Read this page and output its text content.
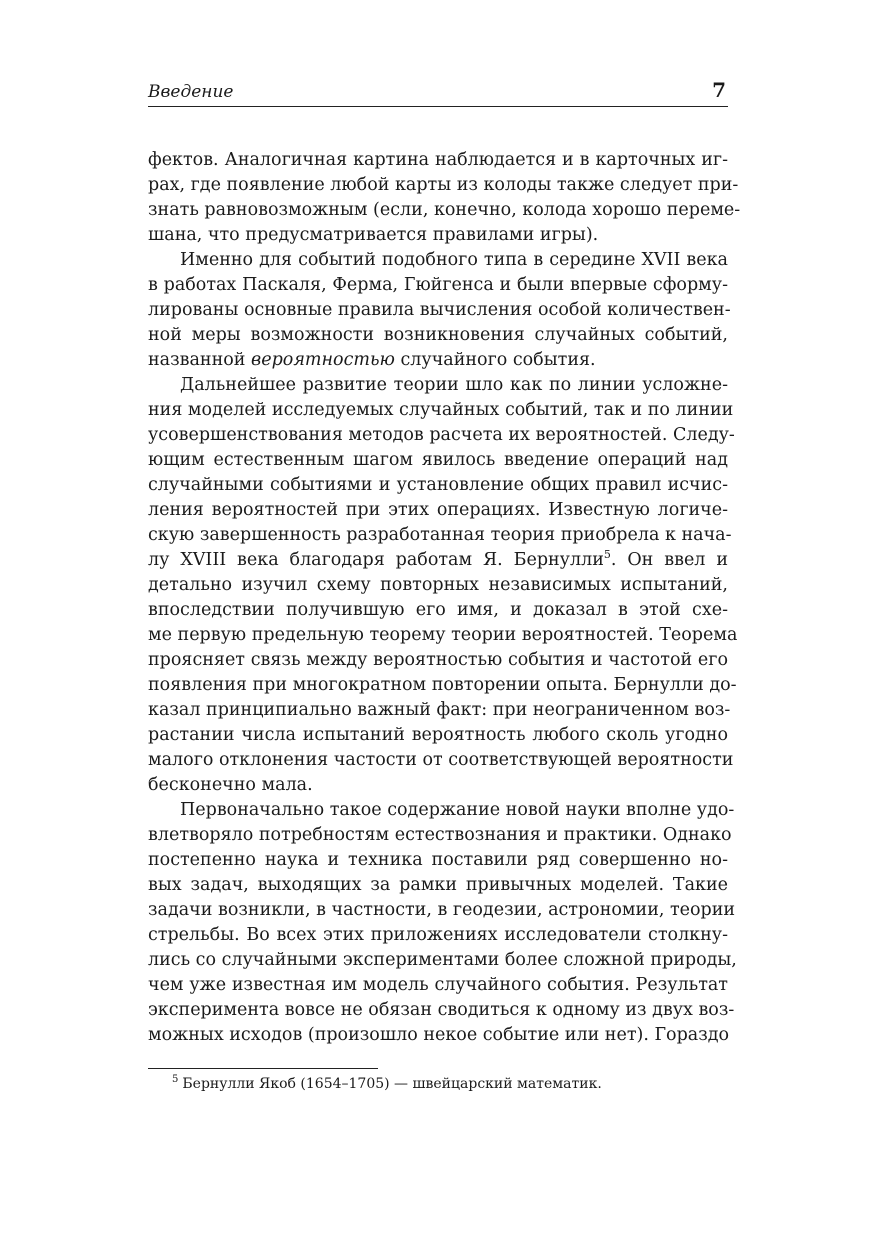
Введение	7
фектов. Аналогичная картина наблюдается и в карточных иг-
рах, где появление любой карты из колоды также следует при-
знать равновозможным (если, конечно, колода хорошо переме-
шана, что предусматривается правилами игры).
Именно для событий подобного типа в середине XVII века
в работах Паскаля, Ферма, Гюйгенса и были впервые сформу-
лированы основные правила вычисления особой количествен-
ной меры возможности возникновения случайных событий,
названной вероятностью случайного события.
Дальнейшее развитие теории шло как по линии усложне-
ния моделей исследуемых случайных событий, так и по линии
усовершенствования методов расчета их вероятностей. Следу-
ющим естественным шагом явилось введение операций над
случайными событиями и установление общих правил исчис-
ления вероятностей при этих операциях. Известную логиче-
скую завершенность разработанная теория приобрела к нача-
лу XVIII века благодаря работам Я. Бернулли$^5$. Он ввел и
детально изучил схему повторных независимых испытаний,
впоследствии получившую его имя, и доказал в этой схе-
ме первую предельную теорему теории вероятностей. Теорема
проясняет связь между вероятностью события и частотой его
появления при многократном повторении опыта. Бернулли до-
казал принципиально важный факт: при неограниченном воз-
растании числа испытаний вероятность любого сколь угодно
малого отклонения частости от соответствующей вероятности
бесконечно мала.
Первоначально такое содержание новой науки вполне удо-
влетворяло потребностям естествознания и практики. Однако
постепенно наука и техника поставили ряд совершенно но-
вых задач, выходящих за рамки привычных моделей. Такие
задачи возникли, в частности, в геодезии, астрономии, теории
стрельбы. Во всех этих приложениях исследователи столкну-
лись со случайными экспериментами более сложной природы,
чем уже известная им модель случайного события. Результат
эксперимента вовсе не обязан сводиться к одному из двух воз-
можных исходов (произошло некое событие или нет). Гораздо
$^5$ Бернулли Якоб (1654–1705) — швейцарский математик.
